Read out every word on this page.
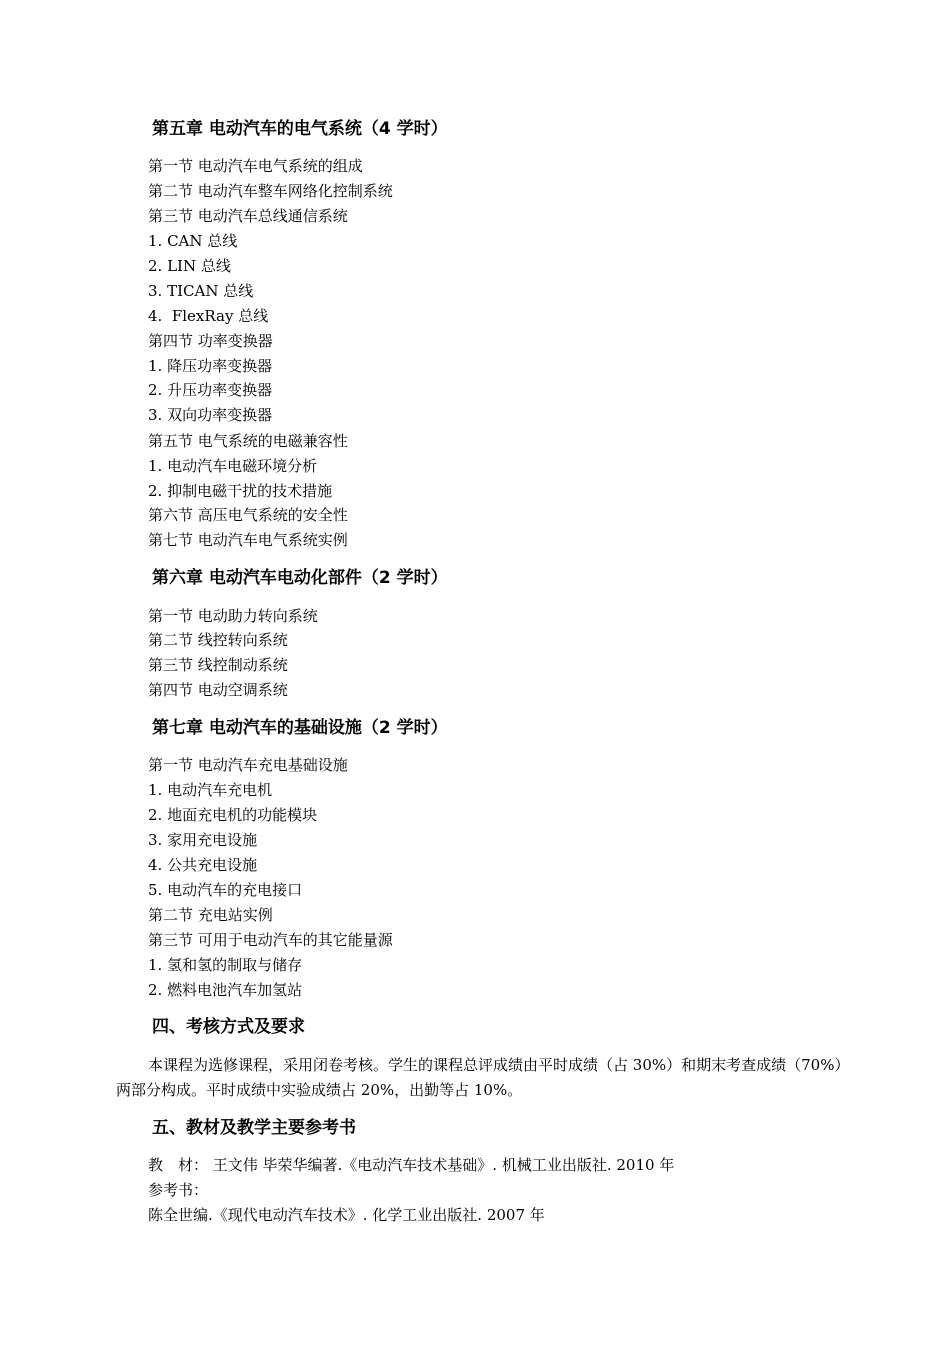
第五章 电动汽车的电气系统（4 学时）
第一节 电动汽车电气系统的组成
第二节 电动汽车整车网络化控制系统
第三节 电动汽车总线通信系统
1. CAN 总线
2. LIN 总线
3. TICAN 总线
4.  FlexRay 总线
第四节 功率变换器
1. 降压功率变换器
2. 升压功率变换器
3. 双向功率变换器
第五节 电气系统的电磁兼容性
1. 电动汽车电磁环境分析
2. 抑制电磁干扰的技术措施
第六节 高压电气系统的安全性
第七节 电动汽车电气系统实例
第六章 电动汽车电动化部件（2 学时）
第一节 电动助力转向系统
第二节 线控转向系统
第三节 线控制动系统
第四节 电动空调系统
第七章 电动汽车的基础设施（2 学时）
第一节 电动汽车充电基础设施
1. 电动汽车充电机
2. 地面充电机的功能模块
3. 家用充电设施
4. 公共充电设施
5. 电动汽车的充电接口
第二节 充电站实例
第三节 可用于电动汽车的其它能量源
1. 氢和氢的制取与储存
2. 燃料电池汽车加氢站
四、考核方式及要求
本课程为选修课程，采用闭卷考核。学生的课程总评成绩由平时成绩（占 30%）和期末考查成绩（70%）两部分构成。平时成绩中实验成绩占 20%，出勤等占 10%。
五、教材及教学主要参考书
教　材： 王文伟 毕荣华编著.《电动汽车技术基础》. 机械工业出版社. 2010 年
参考书：
陈全世编.《现代电动汽车技术》. 化学工业出版社. 2007 年
